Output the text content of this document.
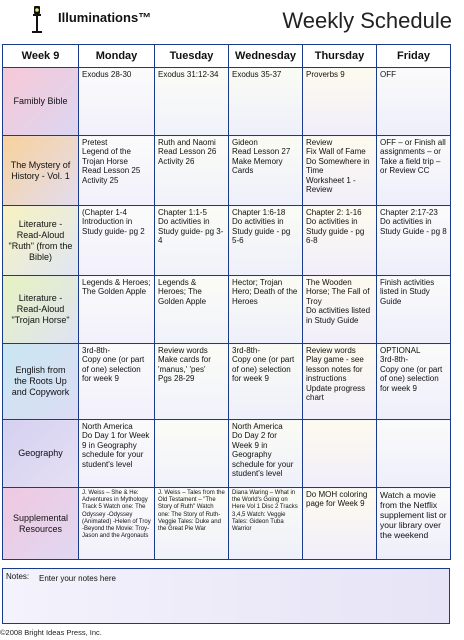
Illuminations™	Weekly Schedule
Week 9	Monday	Tuesday	Wednesday	Thursday	Friday

Famibly Bible	Exodus 28-30	Exodus 31:12-34	Exodus 35-37	Proverbs 9	OFF

The Mystery of
History - Vol. 1	Pretest
Legend of the Trojan Horse
Read Lesson 25
Activity 25	Ruth and Naomi
Read Lesson 26
Activity 26	Gideon
Read Lesson 27
Make Memory Cards	Review
Fix Wall of Fame
Do Somewhere in Time
Worksheet 1 - Review	OFF – or Finish all assignments – or Take a field trip – or Review CC

Literature -
Read-Aloud
"Ruth" (from the
Bible)	(Chapter 1-4
Introduction in Study guide- pg 2	Chapter 1:1-5
Do activities in Study guide- pg 3-4	Chapter 1:6-18
Do activities in Study guide - pg 5-6	Chapter 2: 1-16
Do activities in Study guide - pg 6-8	Chapter 2:17-23
Do activities in Study Guide - pg 8

Literature -
Read-Aloud
"Trojan Horse"	Legends & Heroes; The Golden Apple	Legends & Heroes; The Golden Apple	Hector; Trojan Hero; Death of the Heroes	The Wooden Horse; The Fall of Troy
Do activities listed in Study Guide	Finish activities listed in Study Guide

English from
the Roots Up
and Copywork	3rd-8th-
Copy one (or part of one) selection for week 9	Review words
Make cards for 'manus,' 'pes'
Pgs 28-29	3rd-8th-
Copy one (or part of one) selection for week 9	Review words
Play game - see lesson notes for instructions
Update progress chart	OPTIONAL
3rd-8th-
Copy one (or part of one) selection for week 9

Geography	North America
Do Day 1 for Week 9 in Geography schedule for your student's level		North America
Do Day 2 for Week 9 in Geography schedule for your student's level		

Supplemental
Resources	J. Weiss – She & He: Adventures in Mythology Track 5 Watch one: The Odyssey -Odyssey (Animated) -Helen of Troy -Beyond the Movie: Troy-Jason and the Argonauts	J. Weiss – Tales from the Old Testament – "The Story of Ruth" Watch one: The Story of Ruth-Veggie Tales: Duke and the Great Pie War	Diana Waring – What in the World's Going on Here Vol 1 Disc 2 Tracks 3,4,5 Watch: Veggie Tales: Gideon Tuba Warrior	Do MOH coloring page for Week 9	Watch a movie from the Netflix supplement list or your library over the weekend
Notes: Enter your notes here
©2008 Bright Ideas Press, Inc.
